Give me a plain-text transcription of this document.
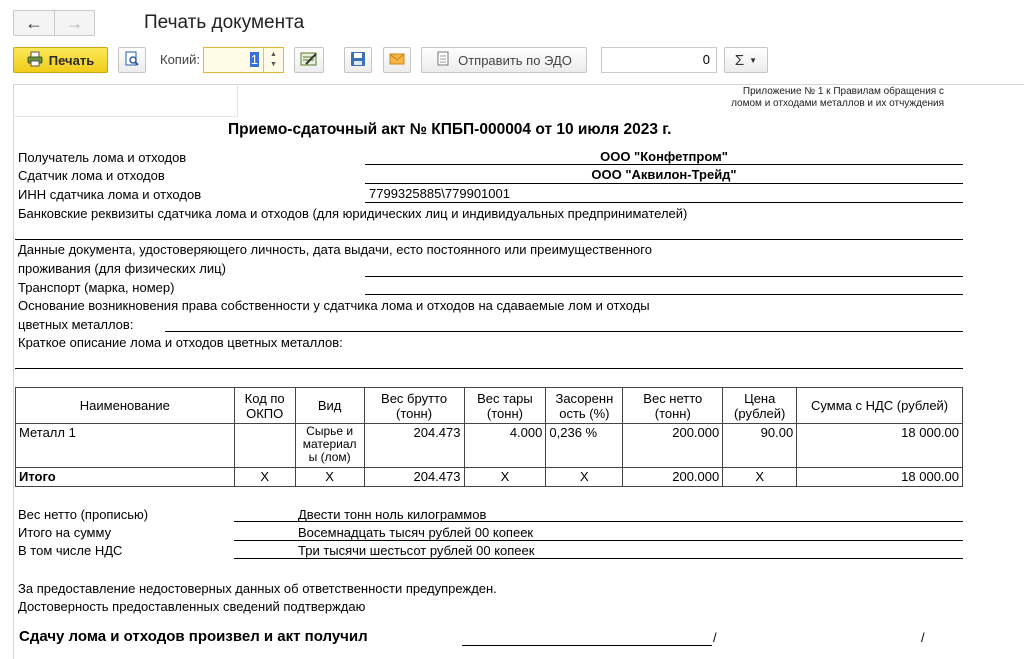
← →	Печать документа
Печать	Копий:	1	▲
▼	Отправить по ЭДО	0	Σ ▼
Приложение № 1 к Правилам обращения с
ломом и отходами металлов и их отчуждения
Приемо-сдаточный акт № КПБП-000004 от 10 июля 2023 г.
Получатель лома и отходов	ООО "Конфетпром"
Сдатчик лома и отходов	ООО "Аквилон-Трейд"
ИНН сдатчика лома и отходов	7799325885\779901001
Банковские реквизиты сдатчика лома и отходов (для юридических лиц и индивидуальных предпринимателей)
Данные документа, удостоверяющего личность, дата выдачи, есто постоянного или преимущественного
проживания (для физических лиц)
Транспорт (марка, номер)
Основание возникновения права собственности у сдатчика лома и отходов на сдаваемые лом и отходы
цветных металлов:
Краткое описание лома и отходов цветных металлов:
Наименование	Код по ОКПО	Вид	Вес брутто (тонн)	Вес тары (тонн)	Засоренн ость (%)	Вес нетто (тонн)	Цена (рублей)	Сумма с НДС (рублей)
Металл 1		Сырье и материал ы (лом)	204.473	4.000	0,236 %	200.000	90.00	18 000.00
Итого	X	X	204.473	X	X	200.000	X	18 000.00
Вес нетто (прописью)	Двести тонн ноль килограммов
Итого на сумму	Восемнадцать тысяч рублей 00 копеек
В том числе НДС	Три тысячи шестьсот рублей 00 копеек
За предоставление недостоверных данных об ответственности предупрежден.
Достоверность предоставленных сведений подтверждаю
Сдачу лома и отходов произвел и акт получил	/	/
